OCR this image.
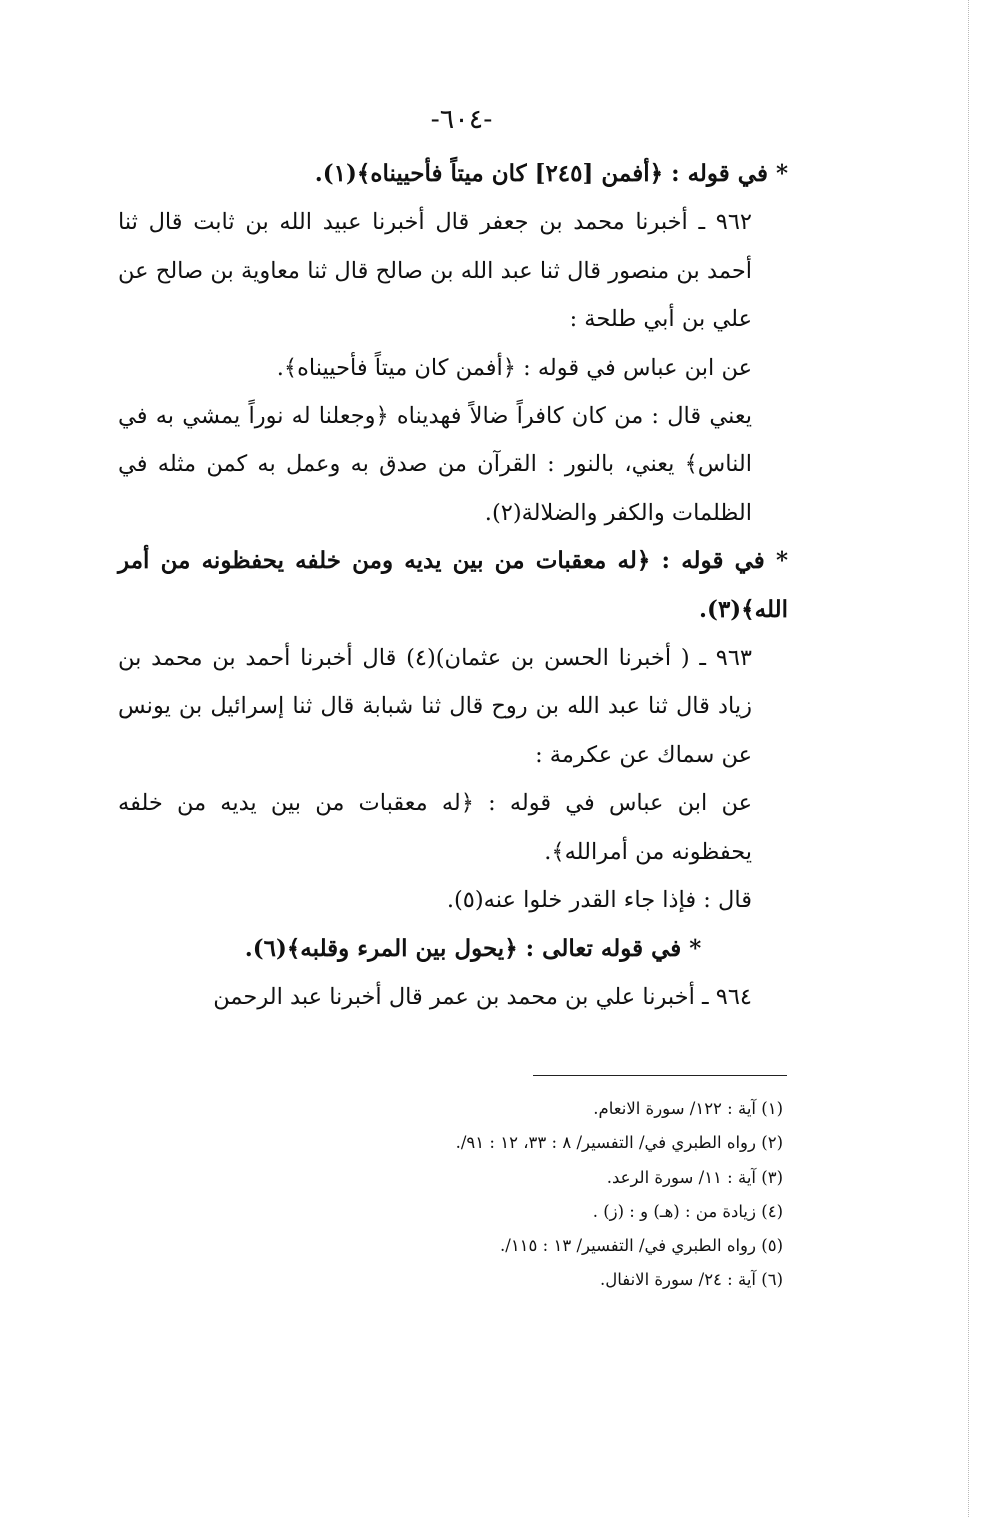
-٦٠٤-

* في قوله : ﴿أفمن [٢٤٥] كان ميتاً فأحييناه﴾(١).

٩٦٢ ـ أخبرنا محمد بن جعفر قال أخبرنا عبيد الله بن ثابت قال ثنا أحمد بن منصور قال ثنا عبد الله بن صالح قال ثنا معاوية بن صالح عن علي بن أبي طلحة :

عن ابن عباس في قوله : ﴿أفمن كان ميتاً فأحييناه﴾.

يعني قال : من كان كافراً ضالاً فهديناه ﴿وجعلنا له نوراً يمشي به في الناس﴾ يعني، بالنور : القرآن من صدق به وعمل به كمن مثله في الظلمات والكفر والضلالة(٢).

* في قوله : ﴿له معقبات من بين يديه ومن خلفه يحفظونه من أمر الله﴾(٣).

٩٦٣ ـ ( أخبرنا الحسن بن عثمان)(٤) قال أخبرنا أحمد بن محمد بن زياد قال ثنا عبد الله بن روح قال ثنا شبابة قال ثنا إسرائيل بن يونس عن سماك عن عكرمة :

عن ابن عباس في قوله : ﴿له معقبات من بين يديه من خلفه يحفظونه من أمرالله﴾.

قال : فإذا جاء القدر خلوا عنه(٥).

* في قوله تعالى : ﴿يحول بين المرء وقلبه﴾(٦).

٩٦٤ ـ أخبرنا علي بن محمد بن عمر قال أخبرنا عبد الرحمن

(١) آية : ١٢٢/ سورة الانعام.
(٢) رواه الطبري في/ التفسير/ ٨ : ٣٣، ١٢ : ٩١/.
(٣) آية : ١١/ سورة الرعد.
(٤) زيادة من : (هـ) و : (ز) .
(٥) رواه الطبري في/ التفسير/ ١٣ : ١١٥/.
(٦) آية : ٢٤/ سورة الانفال.
